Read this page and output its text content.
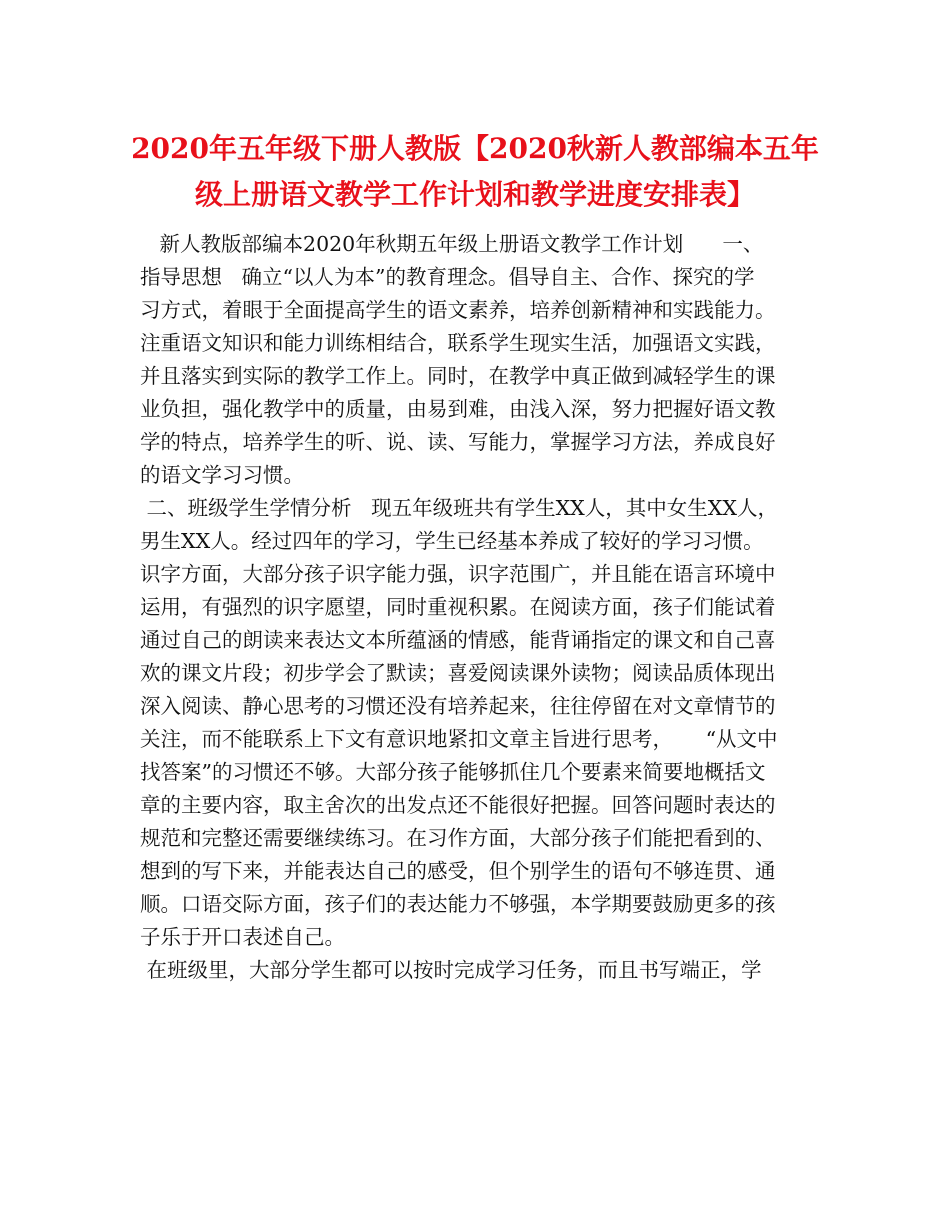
2020年五年级下册人教版【2020秋新人教部编本五年
级上册语文教学工作计划和教学进度安排表】

新人教版部编本2020年秋期五年级上册语文教学工作计划      一、

指导思想   确立“以人为本”的教育理念。倡导自主、合作、探究的学

习方式，着眼于全面提高学生的语文素养，培养创新精神和实践能力。

注重语文知识和能力训练相结合，联系学生现实生活，加强语文实践，

并且落实到实际的教学工作上。同时，在教学中真正做到减轻学生的课

业负担，强化教学中的质量，由易到难，由浅入深，努力把握好语文教

学的特点，培养学生的听、说、读、写能力，掌握学习方法，养成良好

的语文学习习惯。

二、班级学生学情分析   现五年级班共有学生XX人，其中女生XX人，

男生XX人。经过四年的学习，学生已经基本养成了较好的学习习惯。

识字方面，大部分孩子识字能力强，识字范围广，并且能在语言环境中

运用，有强烈的识字愿望，同时重视积累。在阅读方面，孩子们能试着

通过自己的朗读来表达文本所蕴涵的情感，能背诵指定的课文和自己喜

欢的课文片段；初步学会了默读；喜爱阅读课外读物；阅读品质体现出

深入阅读、静心思考的习惯还没有培养起来，往往停留在对文章情节的

关注，而不能联系上下文有意识地紧扣文章主旨进行思考，     “从文中

找答案”的习惯还不够。大部分孩子能够抓住几个要素来简要地概括文

章的主要内容，取主舍次的出发点还不能很好把握。回答问题时表达的

规范和完整还需要继续练习。在习作方面，大部分孩子们能把看到的、

想到的写下来，并能表达自己的感受，但个别学生的语句不够连贯、通

顺。口语交际方面，孩子们的表达能力不够强，本学期要鼓励更多的孩

子乐于开口表述自己。

在班级里，大部分学生都可以按时完成学习任务，而且书写端正，学
